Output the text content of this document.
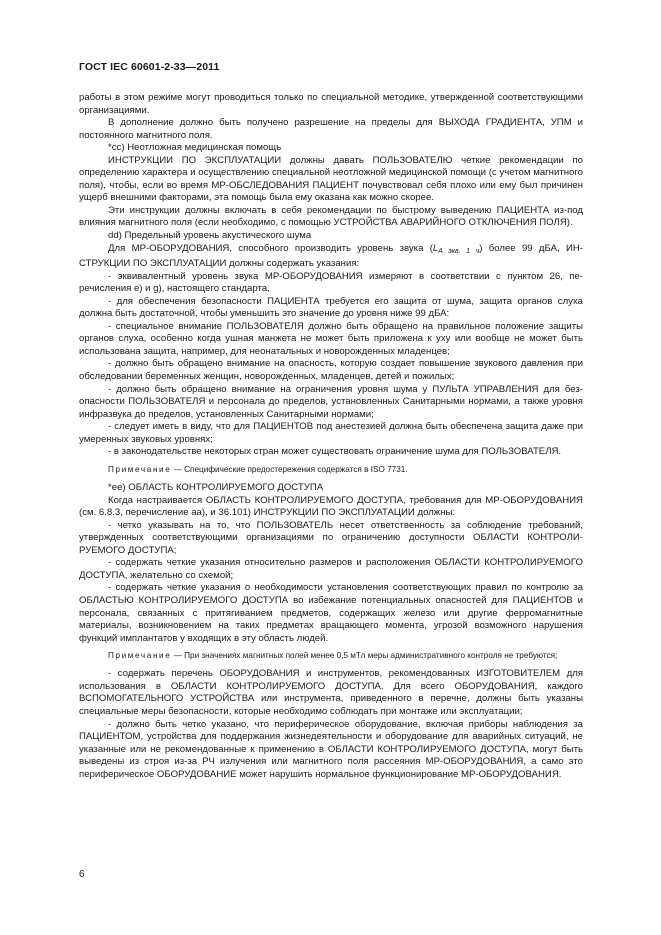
ГОСТ IEC 60601-2-33—2011

работы в этом режиме могут проводиться только по специальной методике, утвержденной соответствующими организациями.

В дополнение должно быть получено разрешение на пределы для ВЫХОДА ГРАДИЕНТА, УПМ и постоянного магнитного поля.

*cc) Неотложная медицинская помощь

ИНСТРУКЦИИ ПО ЭКСПЛУАТАЦИИ должны давать ПОЛЬЗОВАТЕЛЮ четкие рекомендации по определению характера и осуществлению специальной неотложной медицинской помощи (с учетом магнитного поля), чтобы, если во время МР-ОБСЛЕДОВАНИЯ ПАЦИЕНТ почувствовал себя плохо или ему был причинен ущерб внешними факторами, эта помощь была ему оказана как можно скорее.

Эти инструкции должны включать в себя рекомендации по быстрому выведению ПАЦИЕНТА из-под влияния магнитного поля (если необходимо, с помощью УСТРОЙСТВА АВАРИЙНОГО ОТКЛЮЧЕНИЯ ПОЛЯ).

dd) Предельный уровень акустического шума

Для МР-ОБОРУДОВАНИЯ, способного производить уровень звука $(L_{A экв. 1 ч})$ более 99 дБА, ИНСТРУКЦИИ ПО ЭКСПЛУАТАЦИИ должны содержать указания:

- эквивалентный уровень звука МР-ОБОРУДОВАНИЯ измеряют в соответствии с пунктом 26, перечисления е) и g), настоящего стандарта,

- для обеспечения безопасности ПАЦИЕНТА требуется его защита от шума, защита органов слуха должна быть достаточной, чтобы уменьшить это значение до уровня ниже 99 дБА:

- специальное внимание ПОЛЬЗОВАТЕЛЯ должно быть обращено на правильное положение защиты органов слуха, особенно когда ушная манжета не может быть приложена к уху или вообще не может быть использована защита, например, для неонатальных и новорожденных младенцев;

- должно быть обращено внимание на опасность, которую создает повышение звукового давления при обследовании беременных женщин, новорожденных, младенцев, детей и пожилых;

- должно быть обращено внимание на ограничения уровня шума у ПУЛЬТА УПРАВЛЕНИЯ для безопасности ПОЛЬЗОВАТЕЛЯ и персонала до пределов, установленных Санитарными нормами, а также уровня инфразвука до пределов, установленных Санитарными нормами;

- следует иметь в виду, что для ПАЦИЕНТОВ под анестезией должна быть обеспечена защита даже при умеренных звуковых уровнях;

- в законодательстве некоторых стран может существовать ограничение шума для ПОЛЬЗОВАТЕЛЯ.

Примечание — Специфические предостережения содержатся в ISO 7731.

*ee) ОБЛАСТЬ КОНТРОЛИРУЕМОГО ДОСТУПА

Когда настраивается ОБЛАСТЬ КОНТРОЛИРУЕМОГО ДОСТУПА, требования для МР-ОБОРУДОВАНИЯ (см. 6.8.3, перечисление аа), и 36.101) ИНСТРУКЦИИ ПО ЭКСПЛУАТАЦИИ должны:

- четко указывать на то, что ПОЛЬЗОВАТЕЛЬ несет ответственность за соблюдение требований, утвержденных соответствующими организациями по ограничению доступности ОБЛАСТИ КОНТРОЛИРУЕМОГО ДОСТУПА;

- содержать четкие указания относительно размеров и расположения ОБЛАСТИ КОНТРОЛИРУЕМОГО ДОСТУПА, желательно со схемой;

- содержать четкие указания о необходимости установления соответствующих правил по контролю за ОБЛАСТЬЮ КОНТРОЛИРУЕМОГО ДОСТУПА во избежание потенциальных опасностей для ПАЦИЕНТОВ и персонала, связанных с притягиванием предметов, содержащих железо или другие ферромагнитные материалы, возникновением на таких предметах вращающего момента, угрозой возможного нарушения функций имплантатов у входящих в эту область людей.

Примечание — При значениях магнитных полей менее 0,5 мТл меры административного контроля не требуются;

- содержать перечень ОБОРУДОВАНИЯ и инструментов, рекомендованных ИЗГОТОВИТЕЛЕМ для использования в ОБЛАСТИ КОНТРОЛИРУЕМОГО ДОСТУПА. Для всего ОБОРУДОВАНИЯ, каждого ВСПОМОГАТЕЛЬНОГО УСТРОЙСТВА или инструмента, приведенного в перечне, должны быть указаны специальные меры безопасности, которые необходимо соблюдать при монтаже или эксплуатации;

- должно быть четко указано, что периферическое оборудование, включая приборы наблюдения за ПАЦИЕНТОМ, устройства для поддержания жизнедеятельности и оборудование для аварийных ситуаций, не указанные или не рекомендованные к применению в ОБЛАСТИ КОНТРОЛИРУЕМОГО ДОСТУПА, могут быть выведены из строя из-за РЧ излучения или магнитного поля рассеяния МР-ОБОРУДОВАНИЯ, а само это периферическое ОБОРУДОВАНИЕ может нарушить нормальное функционирование МР-ОБОРУДОВАНИЯ.

6
